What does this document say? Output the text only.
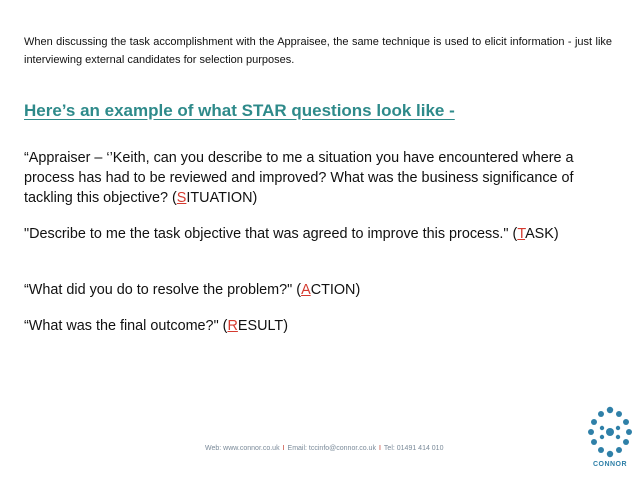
When discussing the task accomplishment with the Appraisee, the same technique is used to elicit information - just like interviewing external candidates for selection purposes.
Here’s an example of what STAR questions look like -
“Appraiser – ‘’Keith, can you describe to me a situation you have encountered where a process has had to be reviewed and improved? What was the business significance of tackling this objective? (SITUATION)
"Describe to me the task objective that was agreed to improve this process." (TASK)
“What did you do to resolve the problem?" (ACTION)
“What was the final outcome?" (RESULT)
Web: www.connor.co.uk I Email: tccinfo@connor.co.uk I Tel: 01491 414 010
CONNOR
